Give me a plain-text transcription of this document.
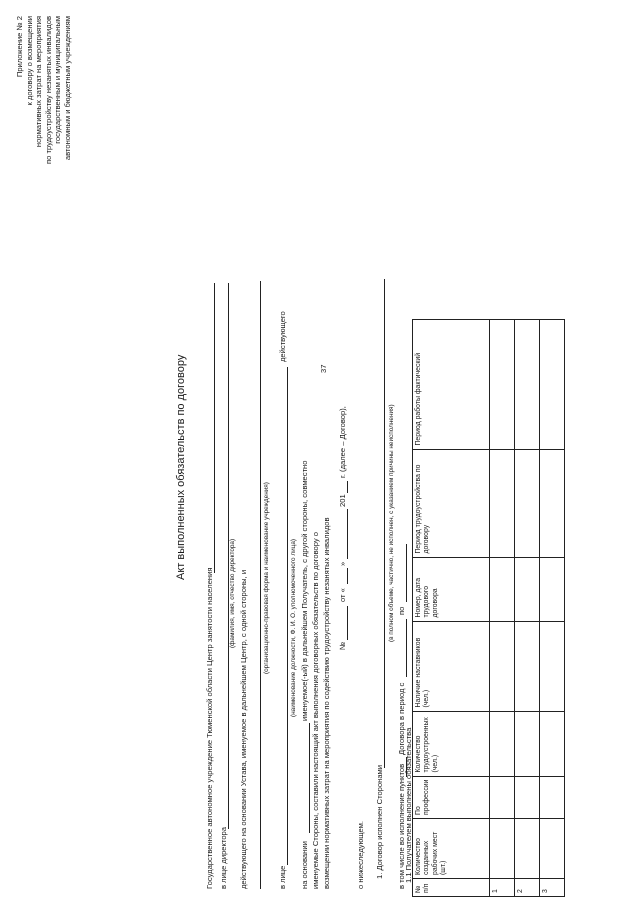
37
Приложение № 2 к договору о возмещении нормативных затрат на мероприятия по трудоустройству незанятых инвалидов государственным и муниципальным автономным и бюджетным учреждениям
Акт выполненных обязательств по договору
Государственное автономное учреждение Тюменской области Центр занятости населения в лице директора
(фамилия, имя, отчество директора) действующего на основании Устава, именуемое в дальнейшем Центр, с одной стороны, и (организационно-правовая форма и наименование учреждения)
в лице
действующего
(наименование должности, Ф. И. О. уполномоченного лица)
на основании
именуемое(-ый) в дальнейшем Получатель, с другой стороны, совместно именуемые Стороны, составили настоящий акт выполнения договорных обязательств по договору о возмещении нормативных затрат на мероприятия по содействию трудоустройству незанятых инвалидов №
от «
»
201
г. (далее – Договор),
о нижеследующем. 1. Договор исполнен Сторонами
(в полном объеме, частично, не исполнен, с указанием причины неисполнения)
в том числе во исполнение пунктов
Договора в период с
по
1.1 Получателем выполнены обязательства
№ п/п	Количество созданных рабочих мест (шт.)	По профессии	Количество трудоустроенных (чел.)	Наличие наставников (чел.)	Номер, дата трудового договора	Период трудоустройства по договору	Период работы фактический
1							
2							
3							
